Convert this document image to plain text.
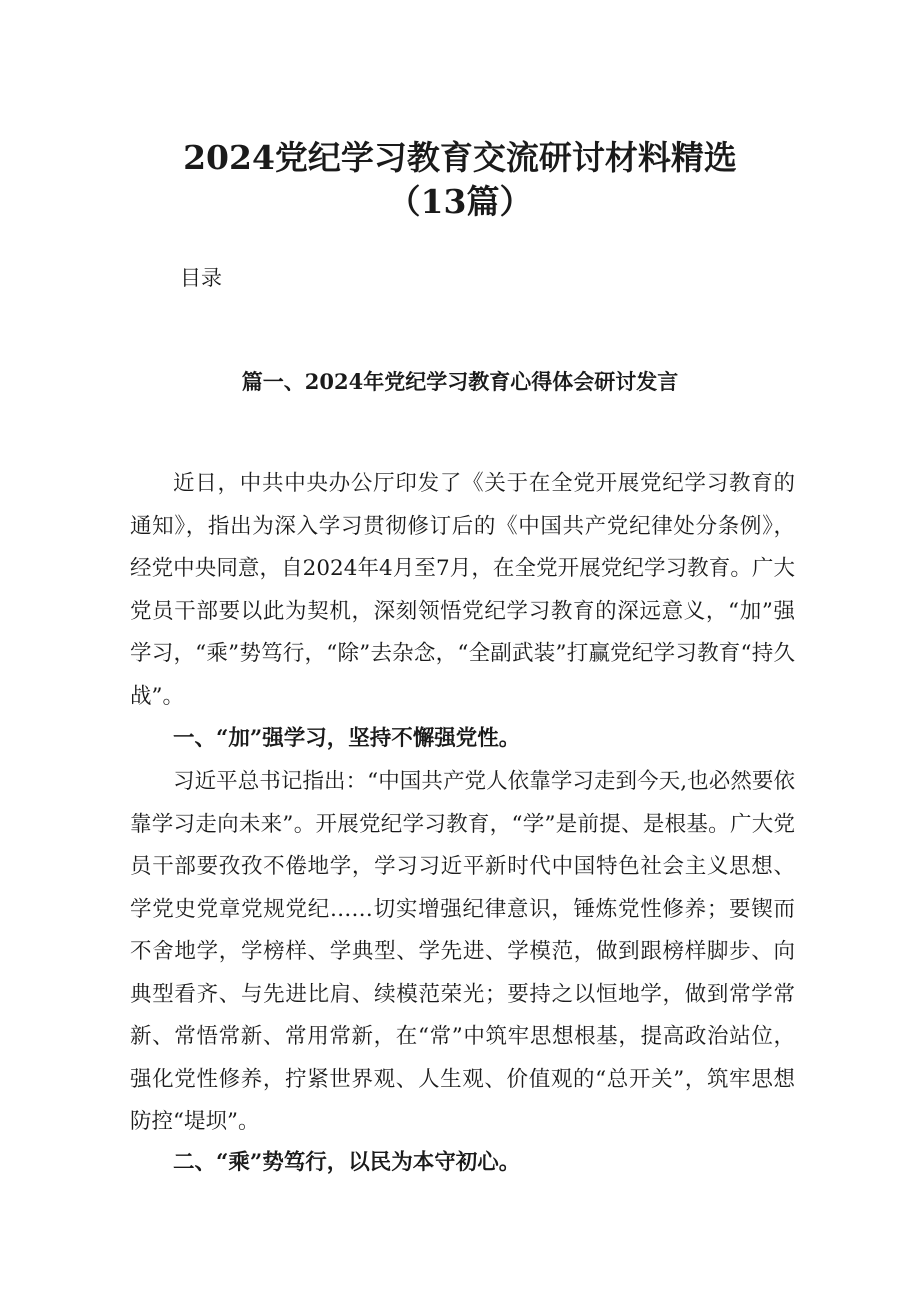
2024党纪学习教育交流研讨材料精选（13篇）

目录

篇一、2024年党纪学习教育心得体会研讨发言

近日，中共中央办公厅印发了《关于在全党开展党纪学习教育的通知》，指出为深入学习贯彻修订后的《中国共产党纪律处分条例》，经党中央同意，自2024年4月至7月，在全党开展党纪学习教育。广大党员干部要以此为契机，深刻领悟党纪学习教育的深远意义，“加”强学习，“乘”势笃行，“除”去杂念，“全副武装”打赢党纪学习教育“持久战”。

一、“加”强学习，坚持不懈强党性。

习近平总书记指出：“中国共产党人依靠学习走到今天,也必然要依靠学习走向未来”。开展党纪学习教育，“学”是前提、是根基。广大党员干部要孜孜不倦地学，学习习近平新时代中国特色社会主义思想、学党史党章党规党纪……切实增强纪律意识，锤炼党性修养；要锲而不舍地学，学榜样、学典型、学先进、学模范，做到跟榜样脚步、向典型看齐、与先进比肩、续模范荣光；要持之以恒地学，做到常学常新、常悟常新、常用常新，在“常”中筑牢思想根基，提高政治站位，强化党性修养，拧紧世界观、人生观、价值观的“总开关”，筑牢思想防控“堤坝”。

二、“乘”势笃行，以民为本守初心。
